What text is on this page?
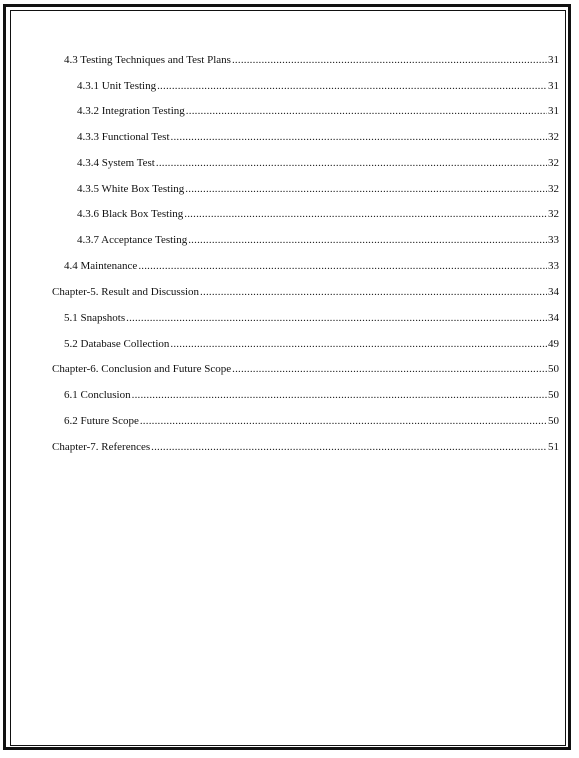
4.3 Testing Techniques and Test Plans .....	31
4.3.1 Unit Testing .....	31
4.3.2 Integration Testing .....	31
4.3.3 Functional Test .....	32
4.3.4 System Test .....	32
4.3.5 White Box Testing .....	32
4.3.6 Black Box Testing .....	32
4.3.7 Acceptance Testing .....	33
4.4 Maintenance .....	33
Chapter-5. Result and Discussion .....	34
5.1 Snapshots .....	34
5.2 Database Collection .....	49
Chapter-6. Conclusion and Future Scope .....	50
6.1 Conclusion .....	50
6.2 Future Scope .....	50
Chapter-7. References .....	51
